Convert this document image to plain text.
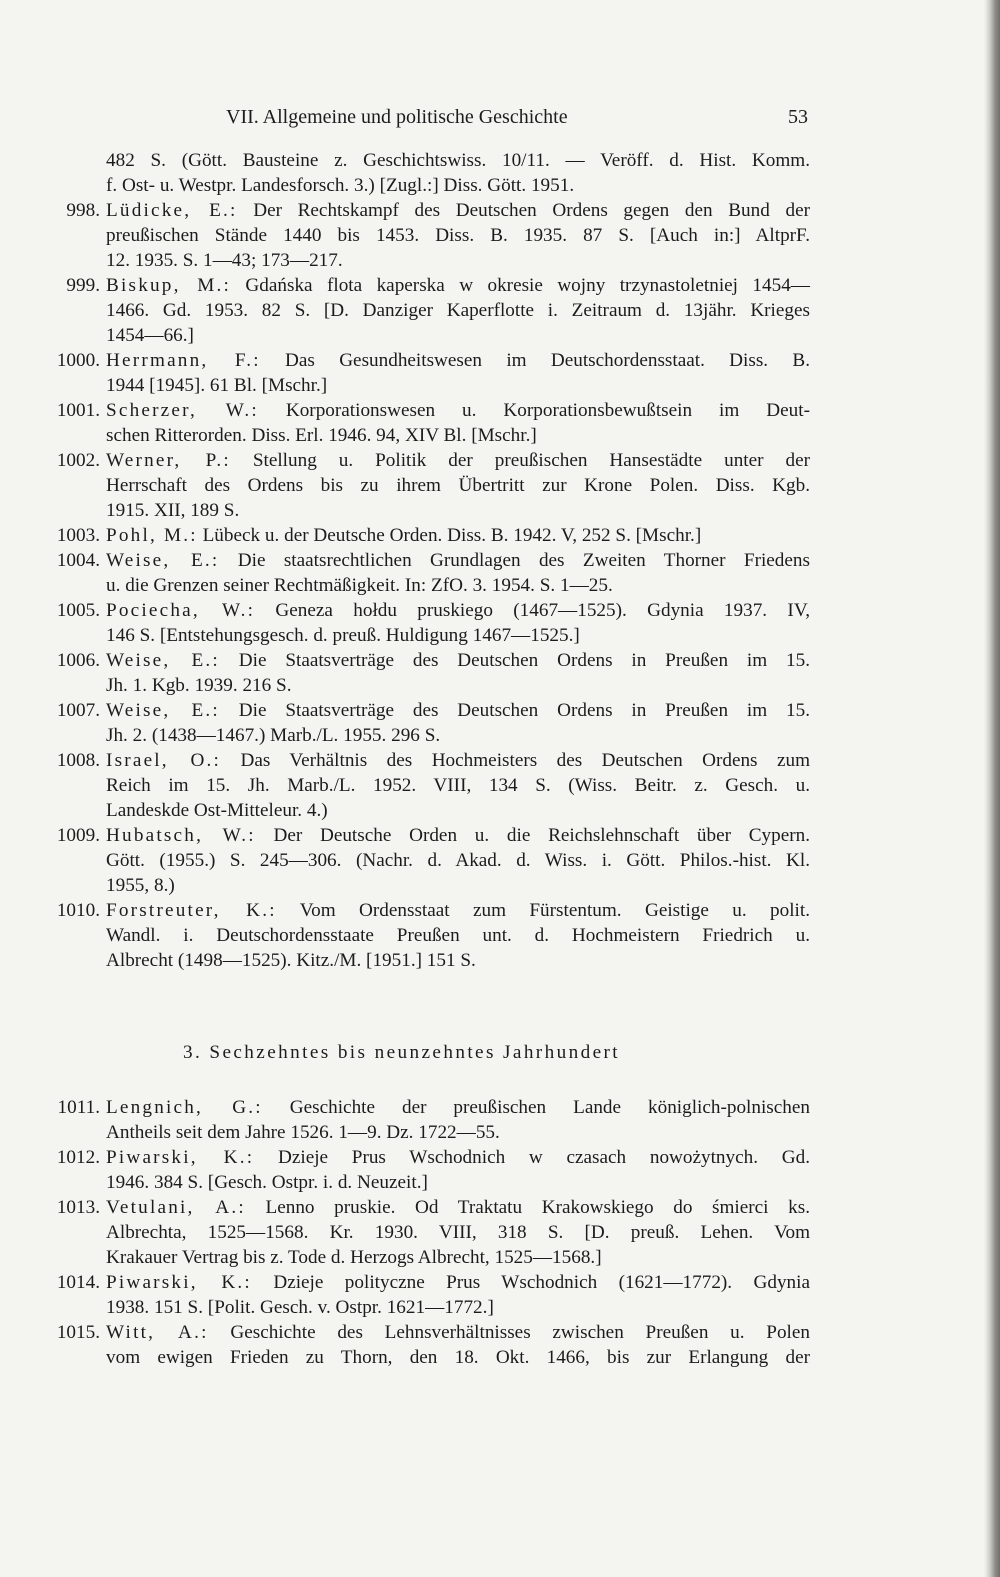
VII. Allgemeine und politische Geschichte	53
482 S. (Gött. Bausteine z. Geschichtswiss. 10/11. — Veröff. d. Hist. Komm.
f. Ost- u. Westpr. Landesforsch. 3.) [Zugl.:] Diss. Gött. 1951.
998. Lüdicke, E.: Der Rechtskampf des Deutschen Ordens gegen den Bund der
preußischen Stände 1440 bis 1453. Diss. B. 1935. 87 S. [Auch in:] AltprF.
12. 1935. S. 1—43; 173—217.
999. Biskup, M.: Gdańska flota kaperska w okresie wojny trzynastoletniej 1454—
1466. Gd. 1953. 82 S. [D. Danziger Kaperflotte i. Zeitraum d. 13jähr. Krieges
1454—66.]
1000. Herrmann, F.: Das Gesundheitswesen im Deutschordensstaat. Diss. B.
1944 [1945]. 61 Bl. [Mschr.]
1001. Scherzer, W.: Korporationswesen u. Korporationsbewußtsein im Deut-
schen Ritterorden. Diss. Erl. 1946. 94, XIV Bl. [Mschr.]
1002. Werner, P.: Stellung u. Politik der preußischen Hansestädte unter der
Herrschaft des Ordens bis zu ihrem Übertritt zur Krone Polen. Diss. Kgb.
1915. XII, 189 S.
1003. Pohl, M.: Lübeck u. der Deutsche Orden. Diss. B. 1942. V, 252 S. [Mschr.]
1004. Weise, E.: Die staatsrechtlichen Grundlagen des Zweiten Thorner Friedens
u. die Grenzen seiner Rechtmäßigkeit. In: ZfO. 3. 1954. S. 1—25.
1005. Pociecha, W.: Geneza hołdu pruskiego (1467—1525). Gdynia 1937. IV,
146 S. [Entstehungsgesch. d. preuß. Huldigung 1467—1525.]
1006. Weise, E.: Die Staatsverträge des Deutschen Ordens in Preußen im 15.
Jh. 1. Kgb. 1939. 216 S.
1007. Weise, E.: Die Staatsverträge des Deutschen Ordens in Preußen im 15.
Jh. 2. (1438—1467.) Marb./L. 1955. 296 S.
1008. Israel, O.: Das Verhältnis des Hochmeisters des Deutschen Ordens zum
Reich im 15. Jh. Marb./L. 1952. VIII, 134 S. (Wiss. Beitr. z. Gesch. u.
Landeskde Ost-Mitteleur. 4.)
1009. Hubatsch, W.: Der Deutsche Orden u. die Reichslehnschaft über Cypern.
Gött. (1955.) S. 245—306. (Nachr. d. Akad. d. Wiss. i. Gött. Philos.-hist. Kl.
1955, 8.)
1010. Forstreuter, K.: Vom Ordensstaat zum Fürstentum. Geistige u. polit.
Wandl. i. Deutschordensstaate Preußen unt. d. Hochmeistern Friedrich u.
Albrecht (1498—1525). Kitz./M. [1951.] 151 S.
3. Sechzehntes bis neunzehntes Jahrhundert
1011. Lengnich, G.: Geschichte der preußischen Lande königlich-polnischen
Antheils seit dem Jahre 1526. 1—9. Dz. 1722—55.
1012. Piwarski, K.: Dzieje Prus Wschodnich w czasach nowożytnych. Gd.
1946. 384 S. [Gesch. Ostpr. i. d. Neuzeit.]
1013. Vetulani, A.: Lenno pruskie. Od Traktatu Krakowskiego do śmierci ks.
Albrechta, 1525—1568. Kr. 1930. VIII, 318 S. [D. preuß. Lehen. Vom
Krakauer Vertrag bis z. Tode d. Herzogs Albrecht, 1525—1568.]
1014. Piwarski, K.: Dzieje polityczne Prus Wschodnich (1621—1772). Gdynia
1938. 151 S. [Polit. Gesch. v. Ostpr. 1621—1772.]
1015. Witt, A.: Geschichte des Lehnsverhältnisses zwischen Preußen u. Polen
vom ewigen Frieden zu Thorn, den 18. Okt. 1466, bis zur Erlangung der
